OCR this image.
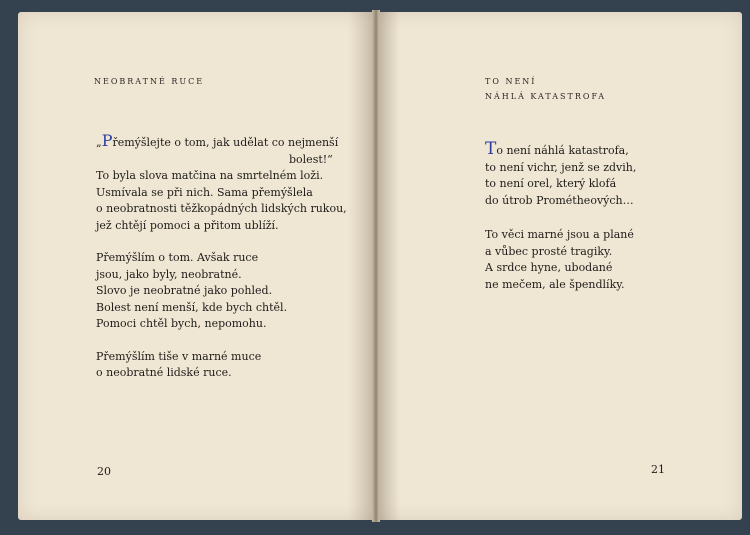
NEOBRATNÉ RUCE
„Přemýšlejte o tom, jak udělat co nejmenší
bolest!“
To byla slova matčina na smrtelném loži.
Usmívala se při nich. Sama přemýšlela
o neobratnosti těžkopádných lidských rukou,
jež chtějí pomoci a přitom ublíží.
Přemýšlím o tom. Avšak ruce
jsou, jako byly, neobratné.
Slovo je neobratné jako pohled.
Bolest není menší, kde bych chtěl.
Pomoci chtěl bych, nepomohu.
Přemýšlím tiše v marné muce
o neobratné lidské ruce.
20
TO NENÍ
NÁHLÁ KATASTROFA
To není náhlá katastrofa,
to není vichr, jenž se zdvih,
to není orel, který klofá
do útrob Prométheových…
To věci marné jsou a plané
a vůbec prosté tragiky.
A srdce hyne, ubodané
ne mečem, ale špendlíky.
21
